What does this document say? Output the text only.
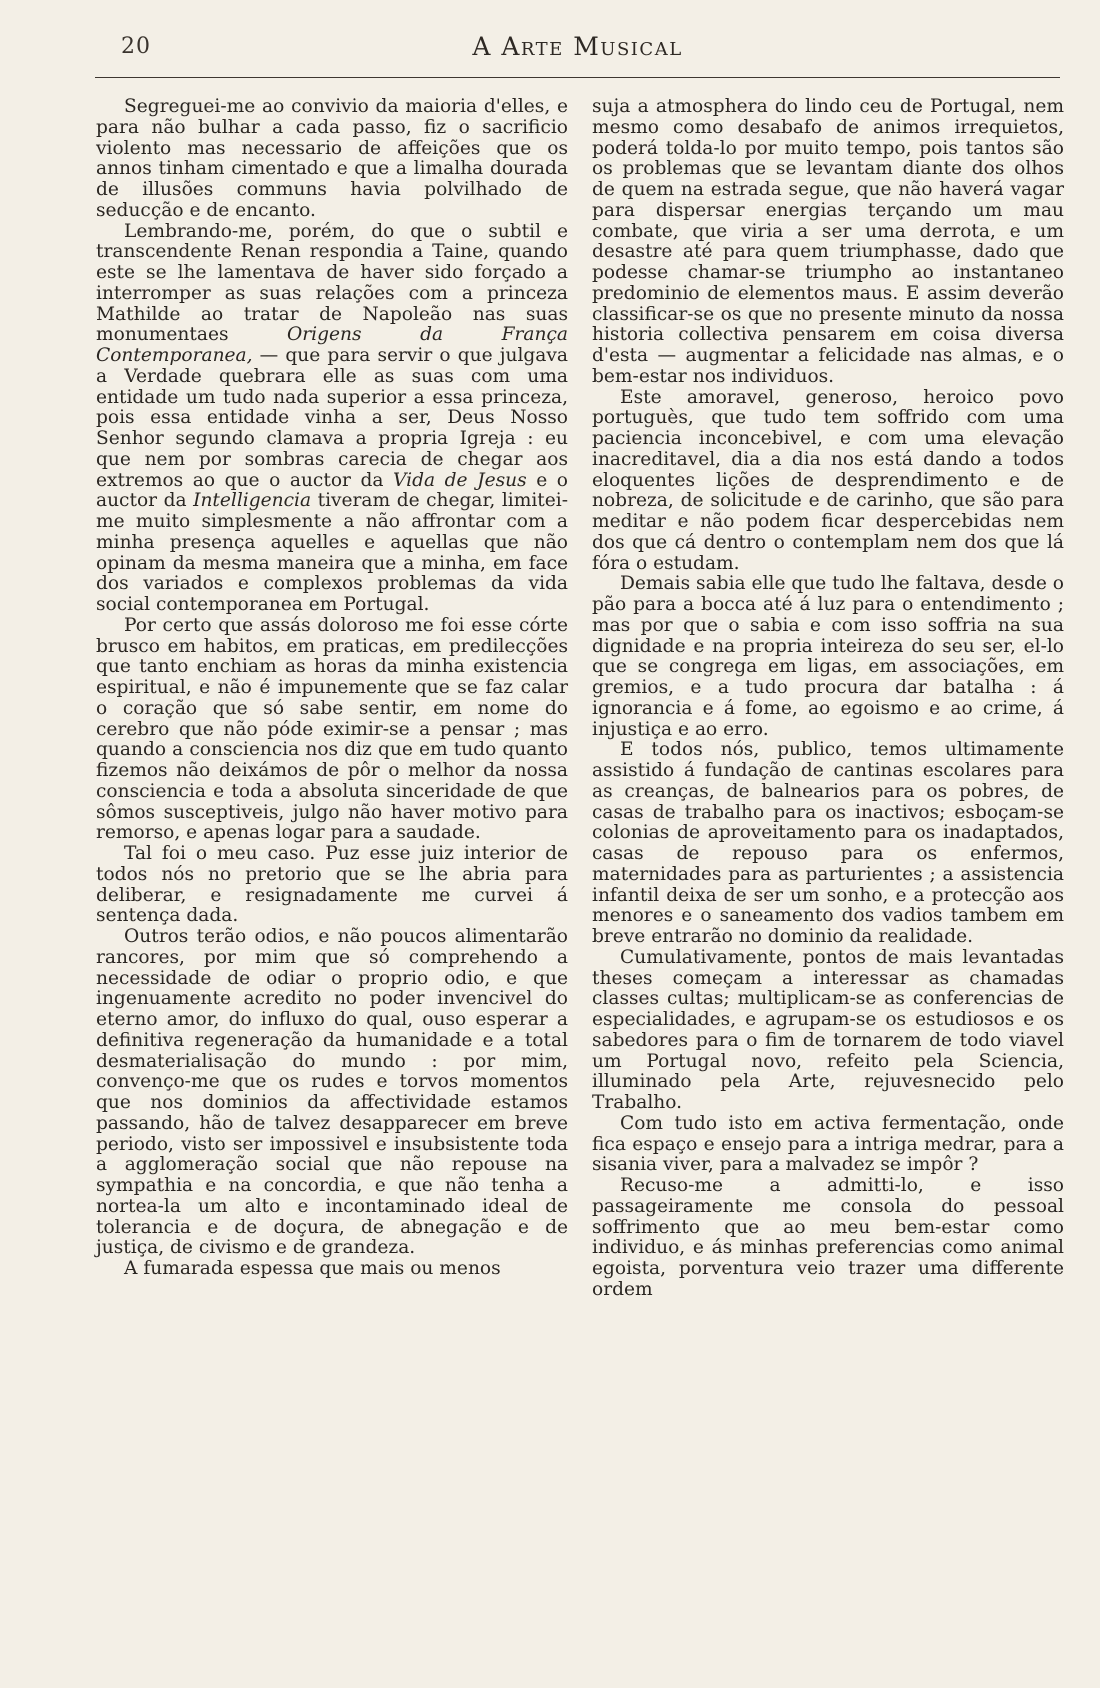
20	A Arte Musical

Segreguei-me ao convivio da maioria d'elles, e para não bulhar a cada passo, fiz o sacrificio violento mas necessario de affeições que os annos tinham cimentado e que a limalha dourada de illusões communs havia polvilhado de seducção e de encanto.

Lembrando-me, porém, do que o subtil e transcendente Renan respondia a Taine, quando este se lhe lamentava de haver sido forçado a interromper as suas relações com a princeza Mathilde ao tratar de Napoleão nas suas monumentaes Origens da França Contemporanea, — que para servir o que julgava a Verdade quebrara elle as suas com uma entidade um tudo nada superior a essa princeza, pois essa entidade vinha a ser, Deus Nosso Senhor segundo clamava a propria Igreja : eu que nem por sombras carecia de chegar aos extremos ao que o auctor da Vida de Jesus e o auctor da Intelligencia tiveram de chegar, limitei-me muito simplesmente a não affrontar com a minha presença aquelles e aquellas que não opinam da mesma maneira que a minha, em face dos variados e complexos problemas da vida social contemporanea em Portugal.

Por certo que assás doloroso me foi esse córte brusco em habitos, em praticas, em predilecções que tanto enchiam as horas da minha existencia espiritual, e não é impunemente que se faz calar o coração que só sabe sentir, em nome do cerebro que não póde eximir-se a pensar ; mas quando a consciencia nos diz que em tudo quanto fizemos não deixámos de pôr o melhor da nossa consciencia e toda a absoluta sinceridade de que sômos susceptiveis, julgo não haver motivo para remorso, e apenas logar para a saudade.

Tal foi o meu caso. Puz esse juiz interior de todos nós no pretorio que se lhe abria para deliberar, e resignadamente me curvei á sentença dada.

Outros terão odios, e não poucos alimentarão rancores, por mim que só comprehendo a necessidade de odiar o proprio odio, e que ingenuamente acredito no poder invencivel do eterno amor, do influxo do qual, ouso esperar a definitiva regeneração da humanidade e a total desmaterialisação do mundo : por mim, convenço-me que os rudes e torvos momentos que nos dominios da affectividade estamos passando, hão de talvez desapparecer em breve periodo, visto ser impossivel e insubsistente toda a agglomeração social que não repouse na sympathia e na concordia, e que não tenha a nortea-la um alto e incontaminado ideal de tolerancia e de doçura, de abnegação e de justiça, de civismo e de grandeza.

A fumarada espessa que mais ou menos

suja a atmosphera do lindo ceu de Portugal, nem mesmo como desabafo de animos irrequietos, poderá tolda-lo por muito tempo, pois tantos são os problemas que se levantam diante dos olhos de quem na estrada segue, que não haverá vagar para dispersar energias terçando um mau combate, que viria a ser uma derrota, e um desastre até para quem triumphasse, dado que podesse chamar-se triumpho ao instantaneo predominio de elementos maus. E assim deverão classificar-se os que no presente minuto da nossa historia collectiva pensarem em coisa diversa d'esta — augmentar a felicidade nas almas, e o bem-estar nos individuos.

Este amoravel, generoso, heroico povo portuguès, que tudo tem soffrido com uma paciencia inconcebivel, e com uma elevação inacreditavel, dia a dia nos está dando a todos eloquentes lições de desprendimento e de nobreza, de solicitude e de carinho, que são para meditar e não podem ficar despercebidas nem dos que cá dentro o contemplam nem dos que lá fóra o estudam.

Demais sabia elle que tudo lhe faltava, desde o pão para a bocca até á luz para o entendimento ; mas por que o sabia e com isso soffria na sua dignidade e na propria inteireza do seu ser, el-lo que se congrega em ligas, em associações, em gremios, e a tudo procura dar batalha : á ignorancia e á fome, ao egoismo e ao crime, á injustiça e ao erro.

E todos nós, publico, temos ultimamente assistido á fundação de cantinas escolares para as creanças, de balnearios para os pobres, de casas de trabalho para os inactivos; esboçam-se colonias de aproveitamento para os inadaptados, casas de repouso para os enfermos, maternidades para as parturientes ; a assistencia infantil deixa de ser um sonho, e a protecção aos menores e o saneamento dos vadios tambem em breve entrarão no dominio da realidade.

Cumulativamente, pontos de mais levantadas theses começam a interessar as chamadas classes cultas; multiplicam-se as conferencias de especialidades, e agrupam-se os estudiosos e os sabedores para o fim de tornarem de todo viavel um Portugal novo, refeito pela Sciencia, illuminado pela Arte, rejuvesnecido pelo Trabalho.

Com tudo isto em activa fermentação, onde fica espaço e ensejo para a intriga medrar, para a sisania viver, para a malvadez se impôr ?

Recuso-me a admitti-lo, e isso passageiramente me consola do pessoal soffrimento que ao meu bem-estar como individuo, e ás minhas preferencias como animal egoista, porventura veio trazer uma differente ordem
